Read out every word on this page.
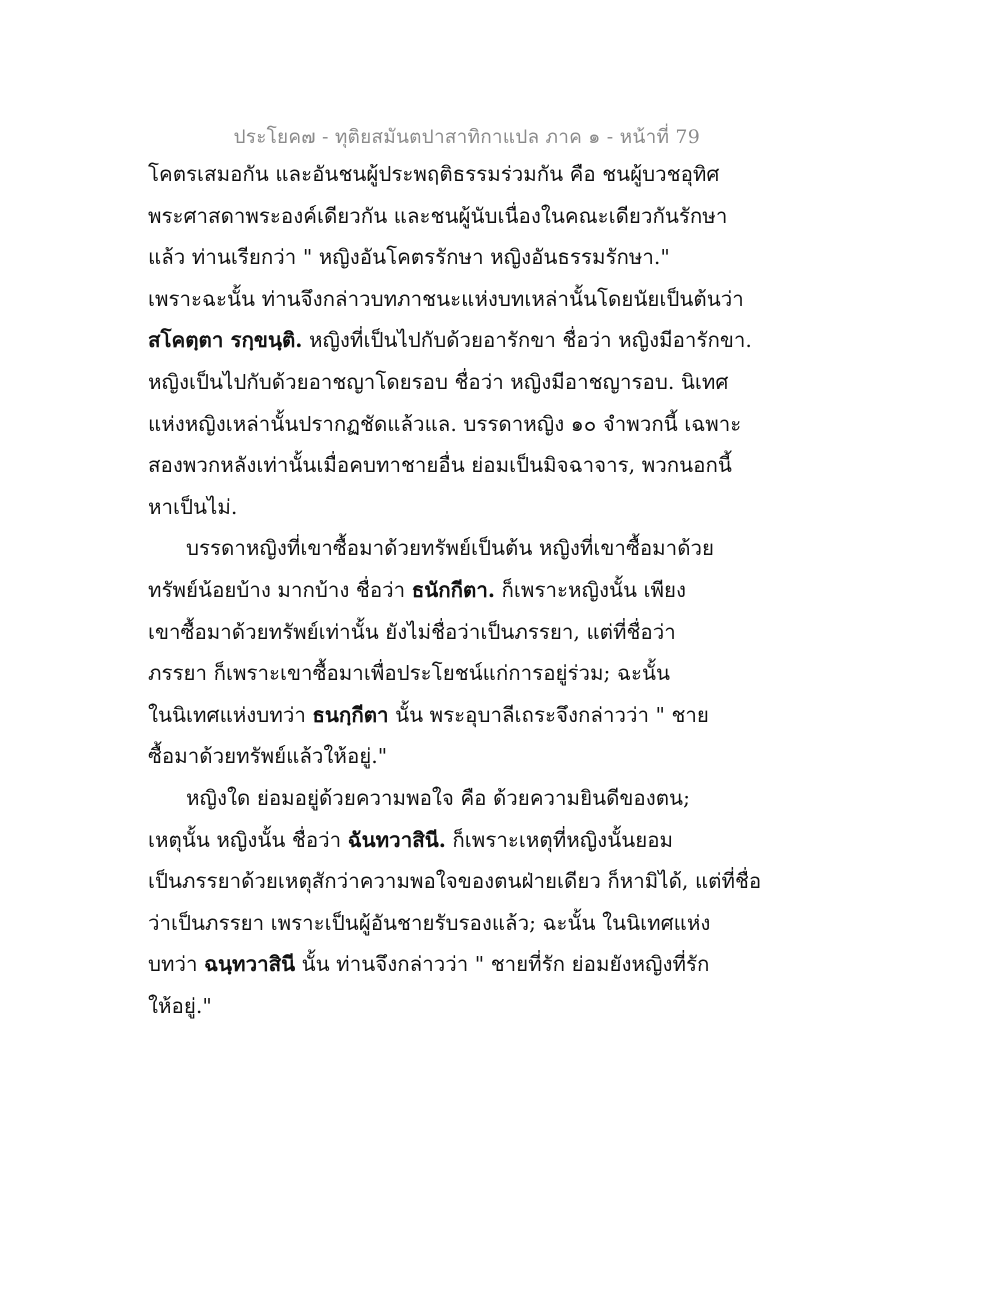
ประโยค๗ - ทุติยสมันตปาสาทิกาแปล ภาค ๑ - หน้าที่ 79
โคตรเสมอกัน และอันชนผู้ประพฤติธรรมร่วมกัน คือ ชนผู้บวชอุทิศ
พระศาสดาพระองค์เดียวกัน และชนผู้นับเนื่องในคณะเดียวกันรักษา
แล้ว ท่านเรียกว่า " หญิงอันโคตรรักษา หญิงอันธรรมรักษา."
เพราะฉะนั้น ท่านจึงกล่าวบทภาชนะแห่งบทเหล่านั้นโดยนัยเป็นต้นว่า
สโคตฺตา รกฺขนฺติ. หญิงที่เป็นไปกับด้วยอารักขา ชื่อว่า หญิงมีอารักขา.
หญิงเป็นไปกับด้วยอาชญาโดยรอบ ชื่อว่า หญิงมีอาชญารอบ. นิเทศ
แห่งหญิงเหล่านั้นปรากฏชัดแล้วแล. บรรดาหญิง ๑๐ จำพวกนี้ เฉพาะ
สองพวกหลังเท่านั้นเมื่อคบทาชายอื่น ย่อมเป็นมิจฉาจาร, พวกนอกนี้
หาเป็นไม่.
บรรดาหญิงที่เขาซื้อมาด้วยทรัพย์เป็นต้น หญิงที่เขาซื้อมาด้วย
ทรัพย์น้อยบ้าง มากบ้าง ชื่อว่า ธนักกีตา. ก็เพราะหญิงนั้น เพียง
เขาซื้อมาด้วยทรัพย์เท่านั้น ยังไม่ชื่อว่าเป็นภรรยา, แต่ที่ชื่อว่า
ภรรยา ก็เพราะเขาซื้อมาเพื่อประโยชน์แก่การอยู่ร่วม; ฉะนั้น
ในนิเทศแห่งบทว่า ธนกฺกีตา นั้น พระอุบาลีเถระจึงกล่าวว่า " ชาย
ซื้อมาด้วยทรัพย์แล้วให้อยู่."
หญิงใด ย่อมอยู่ด้วยความพอใจ คือ ด้วยความยินดีของตน;
เหตุนั้น หญิงนั้น ชื่อว่า ฉันทวาสินี. ก็เพราะเหตุที่หญิงนั้นยอม
เป็นภรรยาด้วยเหตุสักว่าความพอใจของตนฝ่ายเดียว ก็หามิได้, แต่ที่ชื่อ
ว่าเป็นภรรยา เพราะเป็นผู้อันชายรับรองแล้ว; ฉะนั้น ในนิเทศแห่ง
บทว่า ฉนฺทวาสินี นั้น ท่านจึงกล่าวว่า " ชายที่รัก ย่อมยังหญิงที่รัก
ให้อยู่."
